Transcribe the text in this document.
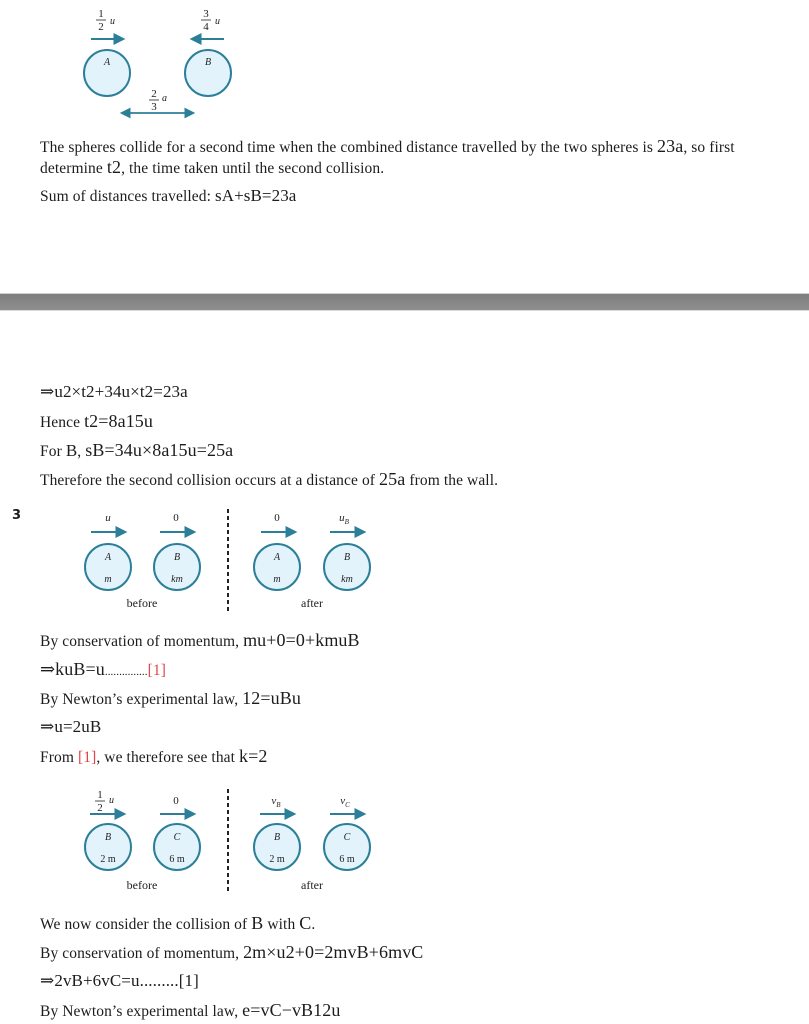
1
2 u
3
4 u
A	B
2
3
a
The spheres collide for a second time when the combined distance travelled by the two spheres is 23a, so first
determine t2, the time taken until the second collision.
Sum of distances travelled: sA+sB=23a
⇒u2×t2+34u×t2=23a
Hence t2=8a15u
For B, sB=34u×8a15u=25a
Therefore the second collision occurs at a distance of 25a from the wall.
3	u
A
m
0
B
km
before
0
A
m
$u_B$
B
km
after
By conservation of momentum, mu+0=0+kmuB
⇒kuB=u...............[1]
By Newton’s experimental law, 12=uBu
⇒u=2uB
From [1], we therefore see that k=2
1
2
u
B
2 m
0
C
6 m
before
$v_B$
B
2 m
$v_C$
C
6 m
after
We now consider the collision of B with C.
By conservation of momentum, 2m×u2+0=2mvB+6mvC
⇒2vB+6vC=u.........[1]
By Newton’s experimental law, e=vC−vB12u
